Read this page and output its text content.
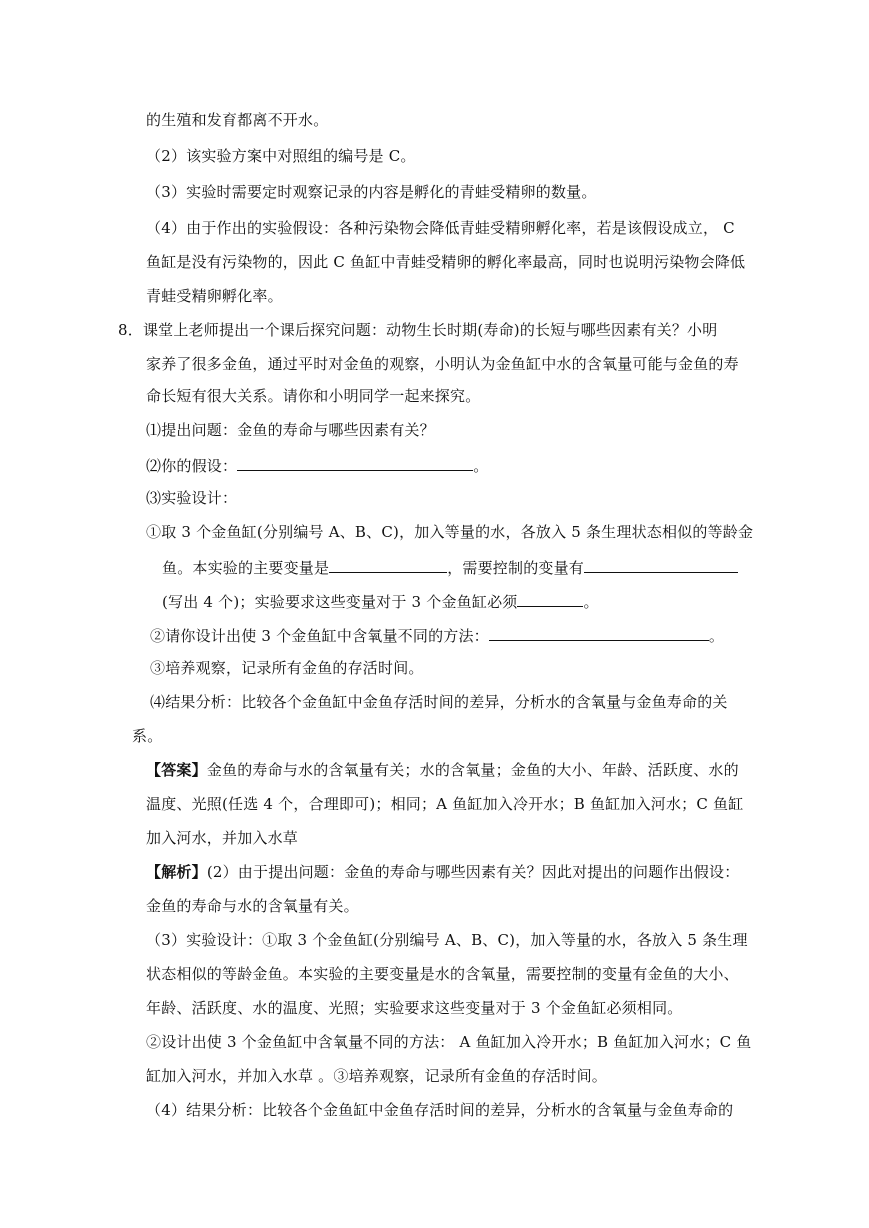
的生殖和发育都离不开水。
（2）该实验方案中对照组的编号是 C。
（3）实验时需要定时观察记录的内容是孵化的青蛙受精卵的数量。
（4）由于作出的实验假设：各种污染物会降低青蛙受精卵孵化率，若是该假设成立， C
鱼缸是没有污染物的，因此 C 鱼缸中青蛙受精卵的孵化率最高，同时也说明污染物会降低
青蛙受精卵孵化率。
8．课堂上老师提出一个课后探究问题：动物生长时期(寿命)的长短与哪些因素有关？小明
家养了很多金鱼，通过平时对金鱼的观察，小明认为金鱼缸中水的含氧量可能与金鱼的寿
命长短有很大关系。请你和小明同学一起来探究。
⑴提出问题：金鱼的寿命与哪些因素有关？
⑵你的假设：	。
⑶实验设计：
①取 3 个金鱼缸(分别编号 A、B、C)，加入等量的水，各放入 5 条生理状态相似的等龄金
鱼。本实验的主要变量是	，需要控制的变量有
(写出 4 个)；实验要求这些变量对于 3 个金鱼缸必须	。
②请你设计出使 3 个金鱼缸中含氧量不同的方法：	。
③培养观察，记录所有金鱼的存活时间。
⑷结果分析：比较各个金鱼缸中金鱼存活时间的差异，分析水的含氧量与金鱼寿命的关
系。
【答案】金鱼的寿命与水的含氧量有关；水的含氧量；金鱼的大小、年龄、活跃度、水的
温度、光照(任选 4 个，合理即可)；相同；A 鱼缸加入冷开水；B 鱼缸加入河水；C 鱼缸
加入河水，并加入水草
【解析】(2）由于提出问题：金鱼的寿命与哪些因素有关？因此对提出的问题作出假设：
金鱼的寿命与水的含氧量有关。
（3）实验设计：①取 3 个金鱼缸(分别编号 A、B、C)，加入等量的水，各放入 5 条生理
状态相似的等龄金鱼。本实验的主要变量是水的含氧量，需要控制的变量有金鱼的大小、
年龄、活跃度、水的温度、光照；实验要求这些变量对于 3 个金鱼缸必须相同。
②设计出使 3 个金鱼缸中含氧量不同的方法： A 鱼缸加入冷开水；B 鱼缸加入河水；C 鱼
缸加入河水，并加入水草 。③培养观察，记录所有金鱼的存活时间。
（4）结果分析：比较各个金鱼缸中金鱼存活时间的差异，分析水的含氧量与金鱼寿命的
